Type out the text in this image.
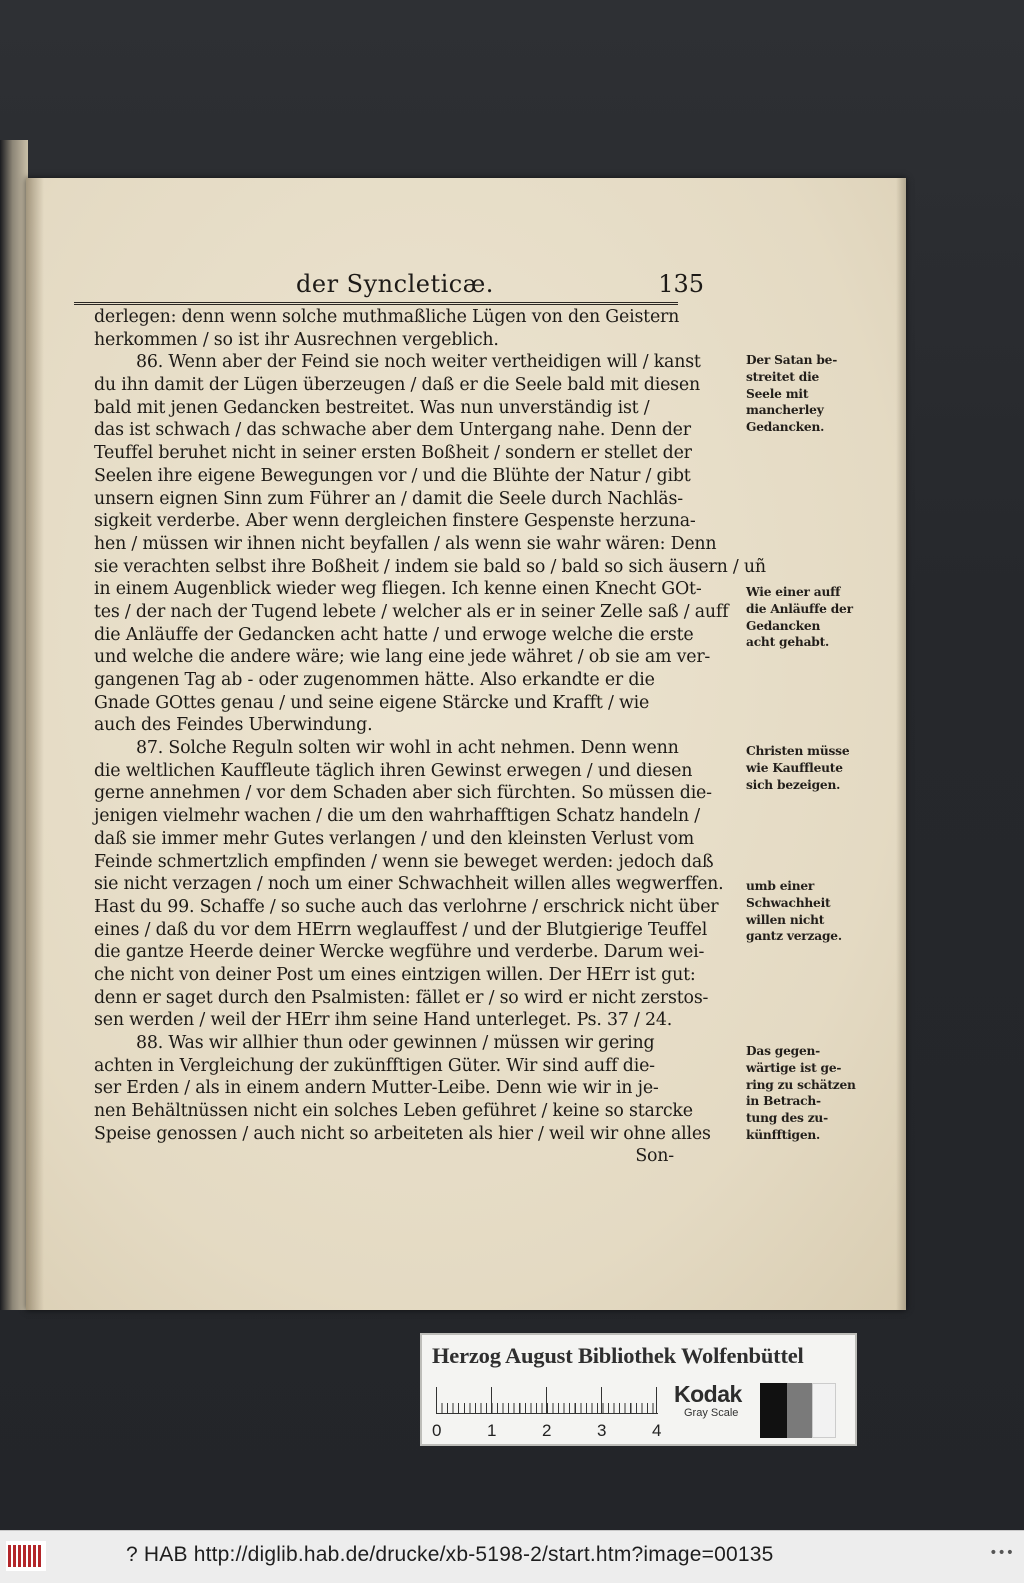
der Syncleticæ.	135
derlegen: denn wenn solche muthmaßliche Lügen von den Geistern
herkommen / so ist ihr Ausrechnen vergeblich.
86. Wenn aber der Feind sie noch weiter vertheidigen will / kanst
du ihn damit der Lügen überzeugen / daß er die Seele bald mit diesen
bald mit jenen Gedancken bestreitet. Was nun unverständig ist /
das ist schwach / das schwache aber dem Untergang nahe. Denn der
Teuffel beruhet nicht in seiner ersten Boßheit / sondern er stellet der
Seelen ihre eigene Bewegungen vor / und die Blühte der Natur / gibt
unsern eignen Sinn zum Führer an / damit die Seele durch Nachläs-
sigkeit verderbe. Aber wenn dergleichen finstere Gespenste herzuna-
hen / müssen wir ihnen nicht beyfallen / als wenn sie wahr wären: Denn
sie verachten selbst ihre Boßheit / indem sie bald so / bald so sich äusern / uñ
in einem Augenblick wieder weg fliegen. Ich kenne einen Knecht GOt-
tes / der nach der Tugend lebete / welcher als er in seiner Zelle saß / auff
die Anläuffe der Gedancken acht hatte / und erwoge welche die erste
und welche die andere wäre; wie lang eine jede währet / ob sie am ver-
gangenen Tag ab - oder zugenommen hätte. Also erkandte er die
Gnade GOttes genau / und seine eigene Stärcke und Krafft / wie
auch des Feindes Uberwindung.
87. Solche Reguln solten wir wohl in acht nehmen. Denn wenn
die weltlichen Kauffleute täglich ihren Gewinst erwegen / und diesen
gerne annehmen / vor dem Schaden aber sich fürchten. So müssen die-
jenigen vielmehr wachen / die um den wahrhafftigen Schatz handeln /
daß sie immer mehr Gutes verlangen / und den kleinsten Verlust vom
Feinde schmertzlich empfinden / wenn sie beweget werden: jedoch daß
sie nicht verzagen / noch um einer Schwachheit willen alles wegwerffen.
Hast du 99. Schaffe / so suche auch das verlohrne / erschrick nicht über
eines / daß du vor dem HErrn weglauffest / und der Blutgierige Teuffel
die gantze Heerde deiner Wercke wegführe und verderbe. Darum wei-
che nicht von deiner Post um eines eintzigen willen. Der HErr ist gut:
denn er saget durch den Psalmisten: fället er / so wird er nicht zerstos-
sen werden / weil der HErr ihm seine Hand unterleget. Ps. 37 / 24.
88. Was wir allhier thun oder gewinnen / müssen wir gering
achten in Vergleichung der zukünfftigen Güter. Wir sind auff die-
ser Erden / als in einem andern Mutter-Leibe. Denn wie wir in je-
nen Behältnüssen nicht ein solches Leben geführet / keine so starcke
Speise genossen / auch nicht so arbeiteten als hier / weil wir ohne alles
Son-
Der Satan be-
streitet die
Seele mit
mancherley
Gedancken.
Wie einer auff
die Anläuffe der
Gedancken
acht gehabt.
Christen müsse
wie Kauffleute
sich bezeigen.
umb einer
Schwachheit
willen nicht
gantz verzage.
Das gegen-
wärtige ist ge-
ring zu schätzen
in Betrach-
tung des zu-
künfftigen.
Herzog August Bibliothek Wolfenbüttel
0	1	2	3	4
Kodak
Gray Scale
? HAB http://diglib.hab.de/drucke/xb-5198-2/start.htm?image=00135	•••
